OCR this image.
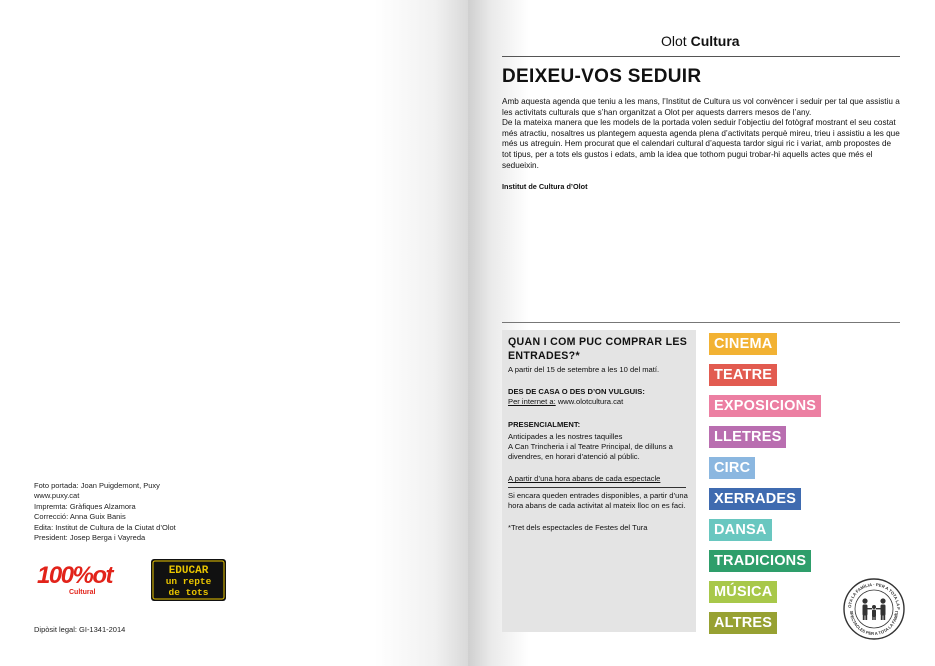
Foto portada: Joan Puigdemont, Puxy
www.puxy.cat
Impremta: Gràfiques Alzamora
Correcció: Anna Guix Banis
Edita: Institut de Cultura de la Ciutat d’Olot
President: Josep Berga i Vayreda
100%ot
Cultural
EDUCAR
un repte
de tots
Dipòsit legal: GI-1341-2014
Olot Cultura
DEIXEU-VOS SEDUIR
Amb aquesta agenda que teniu a les mans, l’Institut de Cultura us vol convèncer i seduir per tal que assistiu a les activitats culturals que s’han organitzat a Olot per aquests darrers mesos de l’any.
De la mateixa manera que les models de la portada volen seduir l’objectiu del fotògraf mostrant el seu costat més atractiu, nosaltres us plantegem aquesta agenda plena d’activitats perquè mireu, trieu i assistiu a les que més us atreguin. Hem procurat que el calendari cultural d’aquesta tardor sigui ric i variat, amb propostes de tot tipus, per a tots els gustos i edats, amb la idea que tothom pugui trobar-hi aquells actes que més el sedueixin.
Institut de Cultura d’Olot
QUAN I COM PUC COMPRAR LES ENTRADES?*
A partir del 15 de setembre a les 10 del matí.
DES DE CASA O DES D’ON VULGUIS:
Per internet a: www.olotcultura.cat
PRESENCIALMENT:
Anticipades a les nostres taquilles
A Can Trincheria i al Teatre Principal, de dilluns a divendres, en horari d’atenció al públic.
A partir d’una hora abans de cada espectacle
Si encara queden entrades disponibles, a partir d’una hora abans de cada activitat al mateix lloc on es faci.
*Tret dels espectacles de Festes del Tura
CINEMA
TEATRE
EXPOSICIONS
LLETRES
CIRC
XERRADES
DANSA
TRADICIONS
MÚSICA
ALTRES
OTA LA FAMÍLIA · PER A TOTA LA F
SPECTACLES PER A TOTA LA FAMÍLI
